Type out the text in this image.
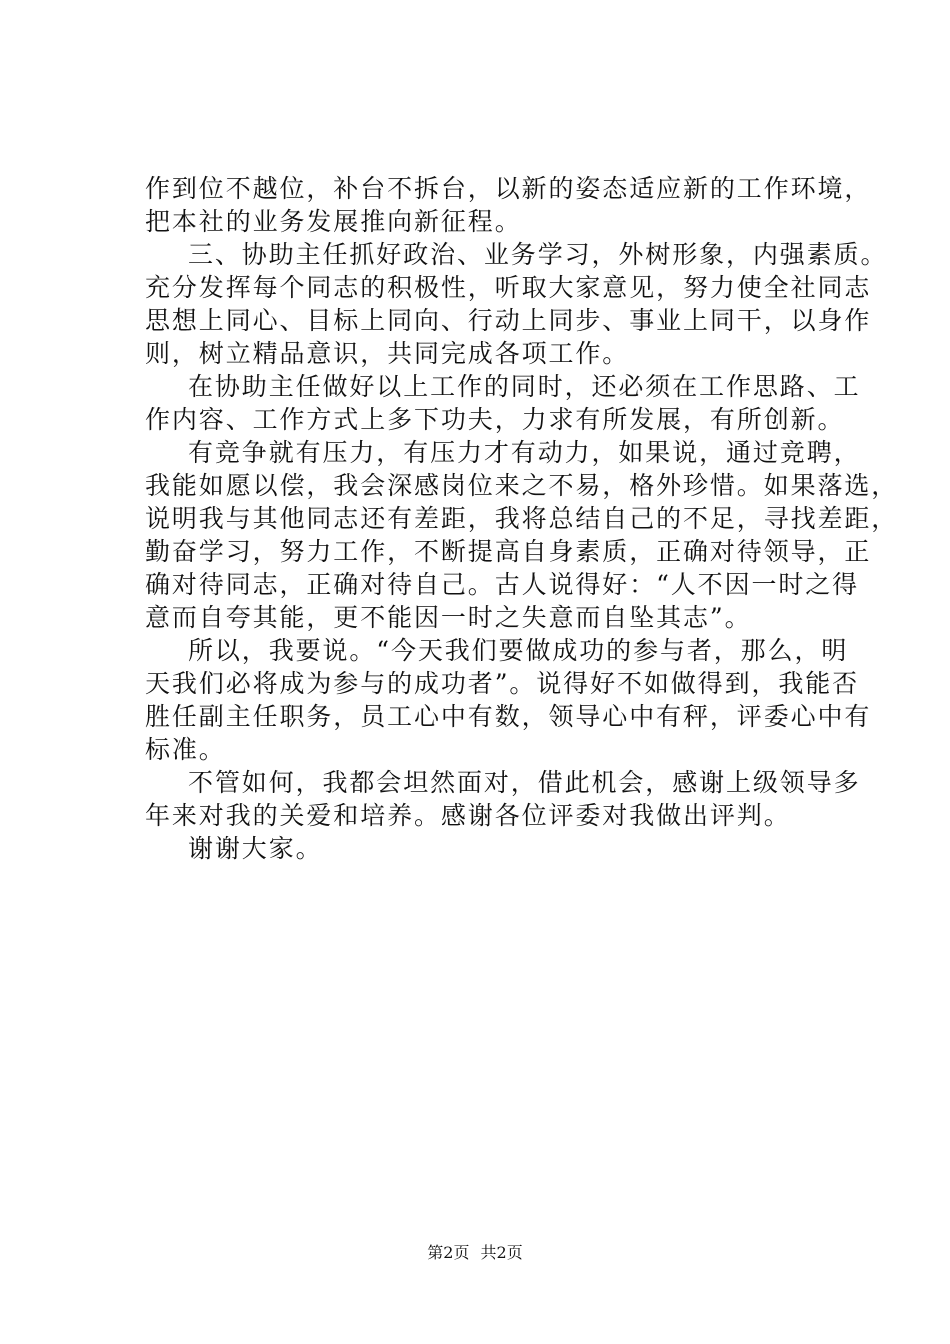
作到位不越位，补台不拆台，以新的姿态适应新的工作环境，
把本社的业务发展推向新征程。
三、协助主任抓好政治、业务学习，外树形象，内强素质。
充分发挥每个同志的积极性，听取大家意见，努力使全社同志
思想上同心、目标上同向、行动上同步、事业上同干，以身作
则，树立精品意识，共同完成各项工作。
在协助主任做好以上工作的同时，还必须在工作思路、工
作内容、工作方式上多下功夫，力求有所发展，有所创新。
有竞争就有压力，有压力才有动力，如果说，通过竞聘，
我能如愿以偿，我会深感岗位来之不易，格外珍惜。如果落选，
说明我与其他同志还有差距，我将总结自己的不足，寻找差距，
勤奋学习，努力工作，不断提高自身素质，正确对待领导，正
确对待同志，正确对待自己。古人说得好：“人不因一时之得
意而自夸其能，更不能因一时之失意而自坠其志”。
所以，我要说。“今天我们要做成功的参与者，那么，明
天我们必将成为参与的成功者”。说得好不如做得到，我能否
胜任副主任职务，员工心中有数，领导心中有秤，评委心中有
标准。
不管如何，我都会坦然面对，借此机会，感谢上级领导多
年来对我的关爱和培养。感谢各位评委对我做出评判。
谢谢大家。
第2页 共2页
